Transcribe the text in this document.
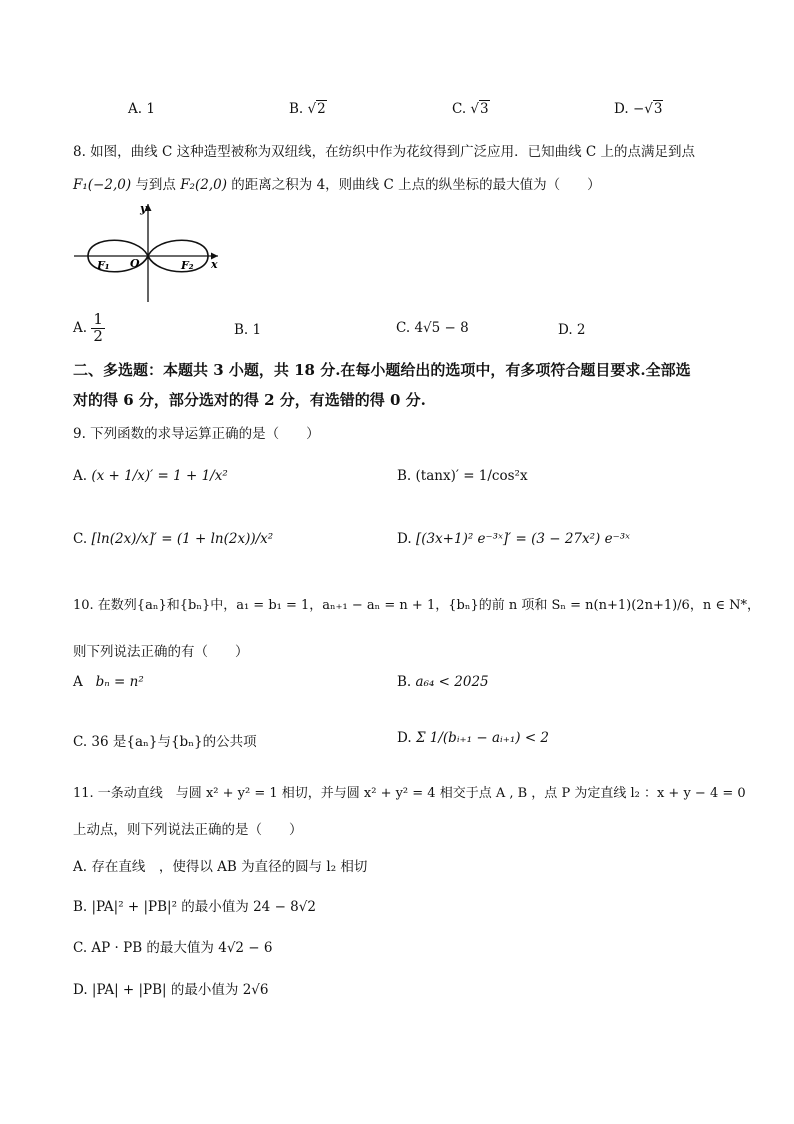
A. 1	B. √2	C. √3	D. −√3
8. 如图，曲线 C 这种造型被称为双纽线，在纺织中作为花纹得到广泛应用．已知曲线 C 上的点满足到点
F₁(−2,0) 与到点 F₂(2,0) 的距离之积为 4，则曲线 C 上点的纵坐标的最大值为（　　）
y
x
O
F₁	F₂
A. $\frac{1}{2}$	B. 1	C. 4√5 − 8	D. 2
二、多选题：本题共 3 小题，共 18 分.在每小题给出的选项中，有多项符合题目要求.全部选
对的得 6 分，部分选对的得 2 分，有选错的得 0 分.
9. 下列函数的求导运算正确的是（　　）
A. (x + 1/x)′ = 1 + 1/x²	B. (tanx)′ = 1/cos²x
C. [ln(2x)/x]′ = (1 + ln(2x))/x²	D. [(3x+1)² e⁻³ˣ]′ = (3 − 27x²) e⁻³ˣ
10. 在数列{aₙ}和{bₙ}中，a₁ = b₁ = 1，aₙ₊₁ − aₙ = n + 1，{bₙ}的前 n 项和 Sₙ = n(n+1)(2n+1)/6，n ∈ N*，
则下列说法正确的有（　　）
A bₙ = n²	B. a₆₄ < 2025
C. 36 是{aₙ}与{bₙ}的公共项	D. Σ 1/(bᵢ₊₁ − aᵢ₊₁) < 2
11. 一条动直线　与圆 x² + y² = 1 相切，并与圆 x² + y² = 4 相交于点 A , B ，点 P 为定直线 l₂ ：x + y − 4 = 0
上动点，则下列说法正确的是（　　）
A. 存在直线　，使得以 AB 为直径的圆与 l₂ 相切
B. |PA|² + |PB|² 的最小值为 24 − 8√2
C. AP · PB 的最大值为 4√2 − 6
D. |PA| + |PB| 的最小值为 2√6
